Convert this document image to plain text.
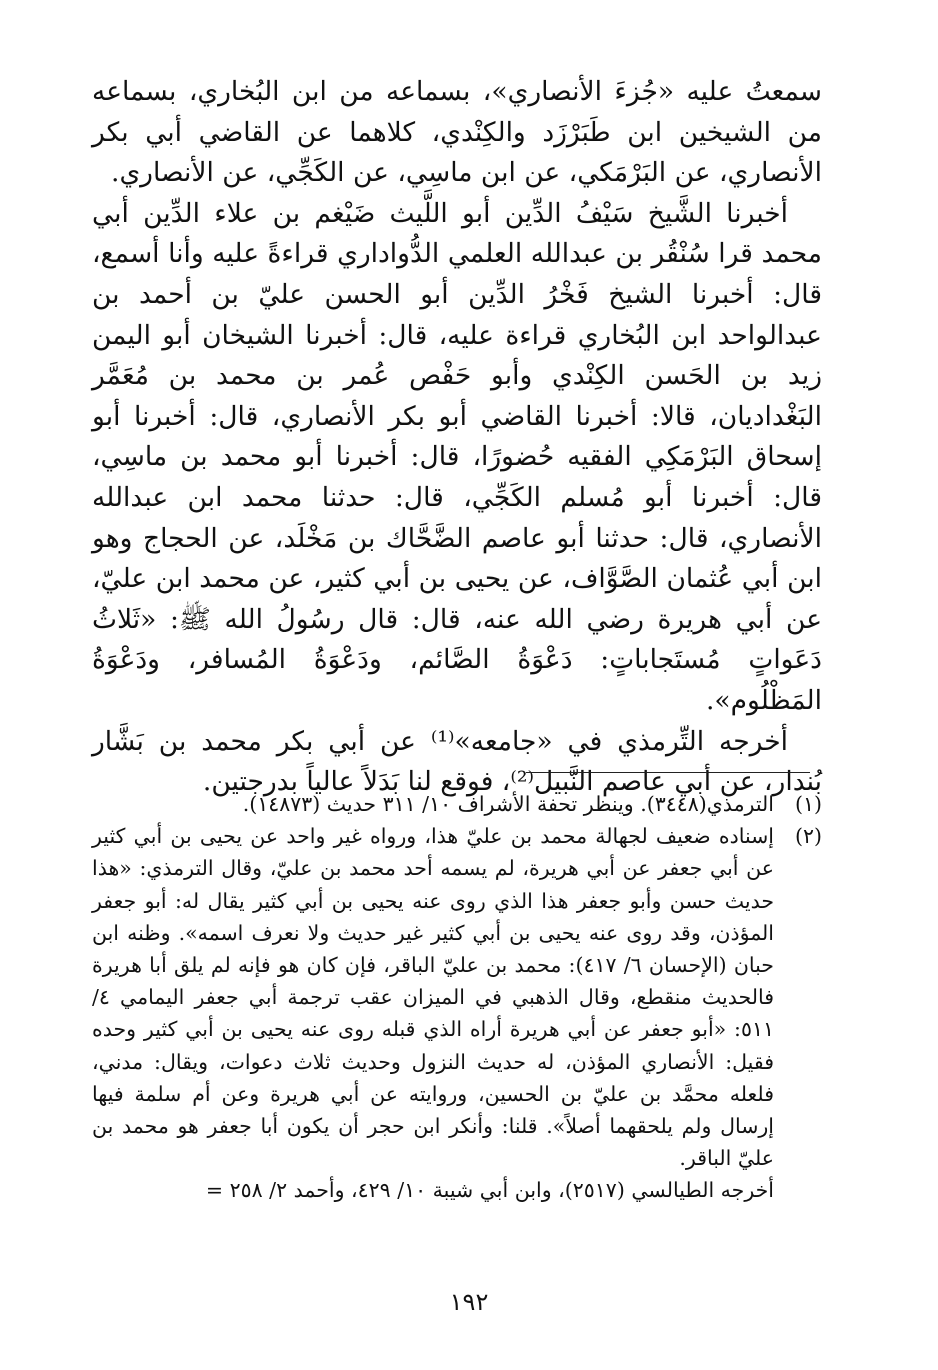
سمعتُ عليه «جُزءَ الأنصاري»، بسماعه من ابن البُخاري، بسماعه من الشيخين ابن طَبَرْزَد والكِنْدي، كلاهما عن القاضي أبي بكر الأنصاري، عن البَرْمَكي، عن ابن ماسِي، عن الكَجِّي، عن الأنصاري.

أخبرنا الشَّيخ سَيْفُ الدِّين أبو اللَّيث ضَيْغم بن علاء الدِّين أبي محمد قرا سُنْقُر بن عبدالله العلمي الدُّواداري قراءةً عليه وأنا أسمع، قال: أخبرنا الشيخ فَخْرُ الدِّين أبو الحسن عليّ بن أحمد بن عبدالواحد ابن البُخاري قراءة عليه، قال: أخبرنا الشيخان أبو اليمن زيد بن الحَسن الكِنْدي وأبو حَفْص عُمر بن محمد بن مُعَمَّر البَغْداديان، قالا: أخبرنا القاضي أبو بكر الأنصاري، قال: أخبرنا أبو إسحاق البَرْمَكِي الفقيه حُضورًا، قال: أخبرنا أبو محمد بن ماسِي، قال: أخبرنا أبو مُسلم الكَجِّي، قال: حدثنا محمد ابن عبدالله الأنصاري، قال: حدثنا أبو عاصم الضَّحَّاك بن مَخْلَد، عن الحجاج وهو ابن أبي عُثمان الصَّوَّاف، عن يحيى بن أبي كثير، عن محمد ابن عليّ، عن أبي هريرة رضي الله عنه، قال: قال رسُولُ الله ﷺ: «ثَلاثُ دَعَواتٍ مُستَجاباتٍ: دَعْوَةُ الصَّائم، ودَعْوَةُ المُسافر، ودَعْوَةُ المَظْلُوم».

أخرجه التِّرمذي في «جامعه»⁽¹⁾ عن أبي بكر محمد بن بَشَّار بُندار، عن أبي عاصم النَّبيل⁽²⁾، فوقع لنا بَدَلاً عالياً بدرجتين.

(١)
الترمذي(٣٤٤٨). وينظر تحفة الأشراف ١٠/ ٣١١ حديث (١٤٨٧٣).
(٢)
إسناده ضعيف لجهالة محمد بن عليّ هذا، ورواه غير واحد عن يحيى بن أبي كثير عن أبي جعفر عن أبي هريرة، لم يسمه أحد محمد بن عليّ، وقال الترمذي: «هذا حديث حسن وأبو جعفر هذا الذي روى عنه يحيى بن أبي كثير يقال له: أبو جعفر المؤذن، وقد روى عنه يحيى بن أبي كثير غير حديث ولا نعرف اسمه». وظنه ابن حبان (الإحسان ٦/ ٤١٧): محمد بن عليّ الباقر، فإن كان هو فإنه لم يلق أبا هريرة فالحديث منقطع، وقال الذهبي في الميزان عقب ترجمة أبي جعفر اليمامي ٤/ ٥١١: «أبو جعفر عن أبي هريرة أراه الذي قبله روى عنه يحيى بن أبي كثير وحده فقيل: الأنصاري المؤذن، له حديث النزول وحديث ثلاث دعوات، ويقال: مدني، فلعله محمَّد بن عليّ بن الحسين، وروايته عن أبي هريرة وعن أم سلمة فيها إرسال ولم يلحقهما أصلاً». قلنا: وأنكر ابن حجر أن يكون أبا جعفر هو محمد بن عليّ الباقر.

أخرجه الطيالسي (٢٥١٧)، وابن أبي شيبة ١٠/ ٤٢٩، وأحمد ٢/ ٢٥٨ =

١٩٢
